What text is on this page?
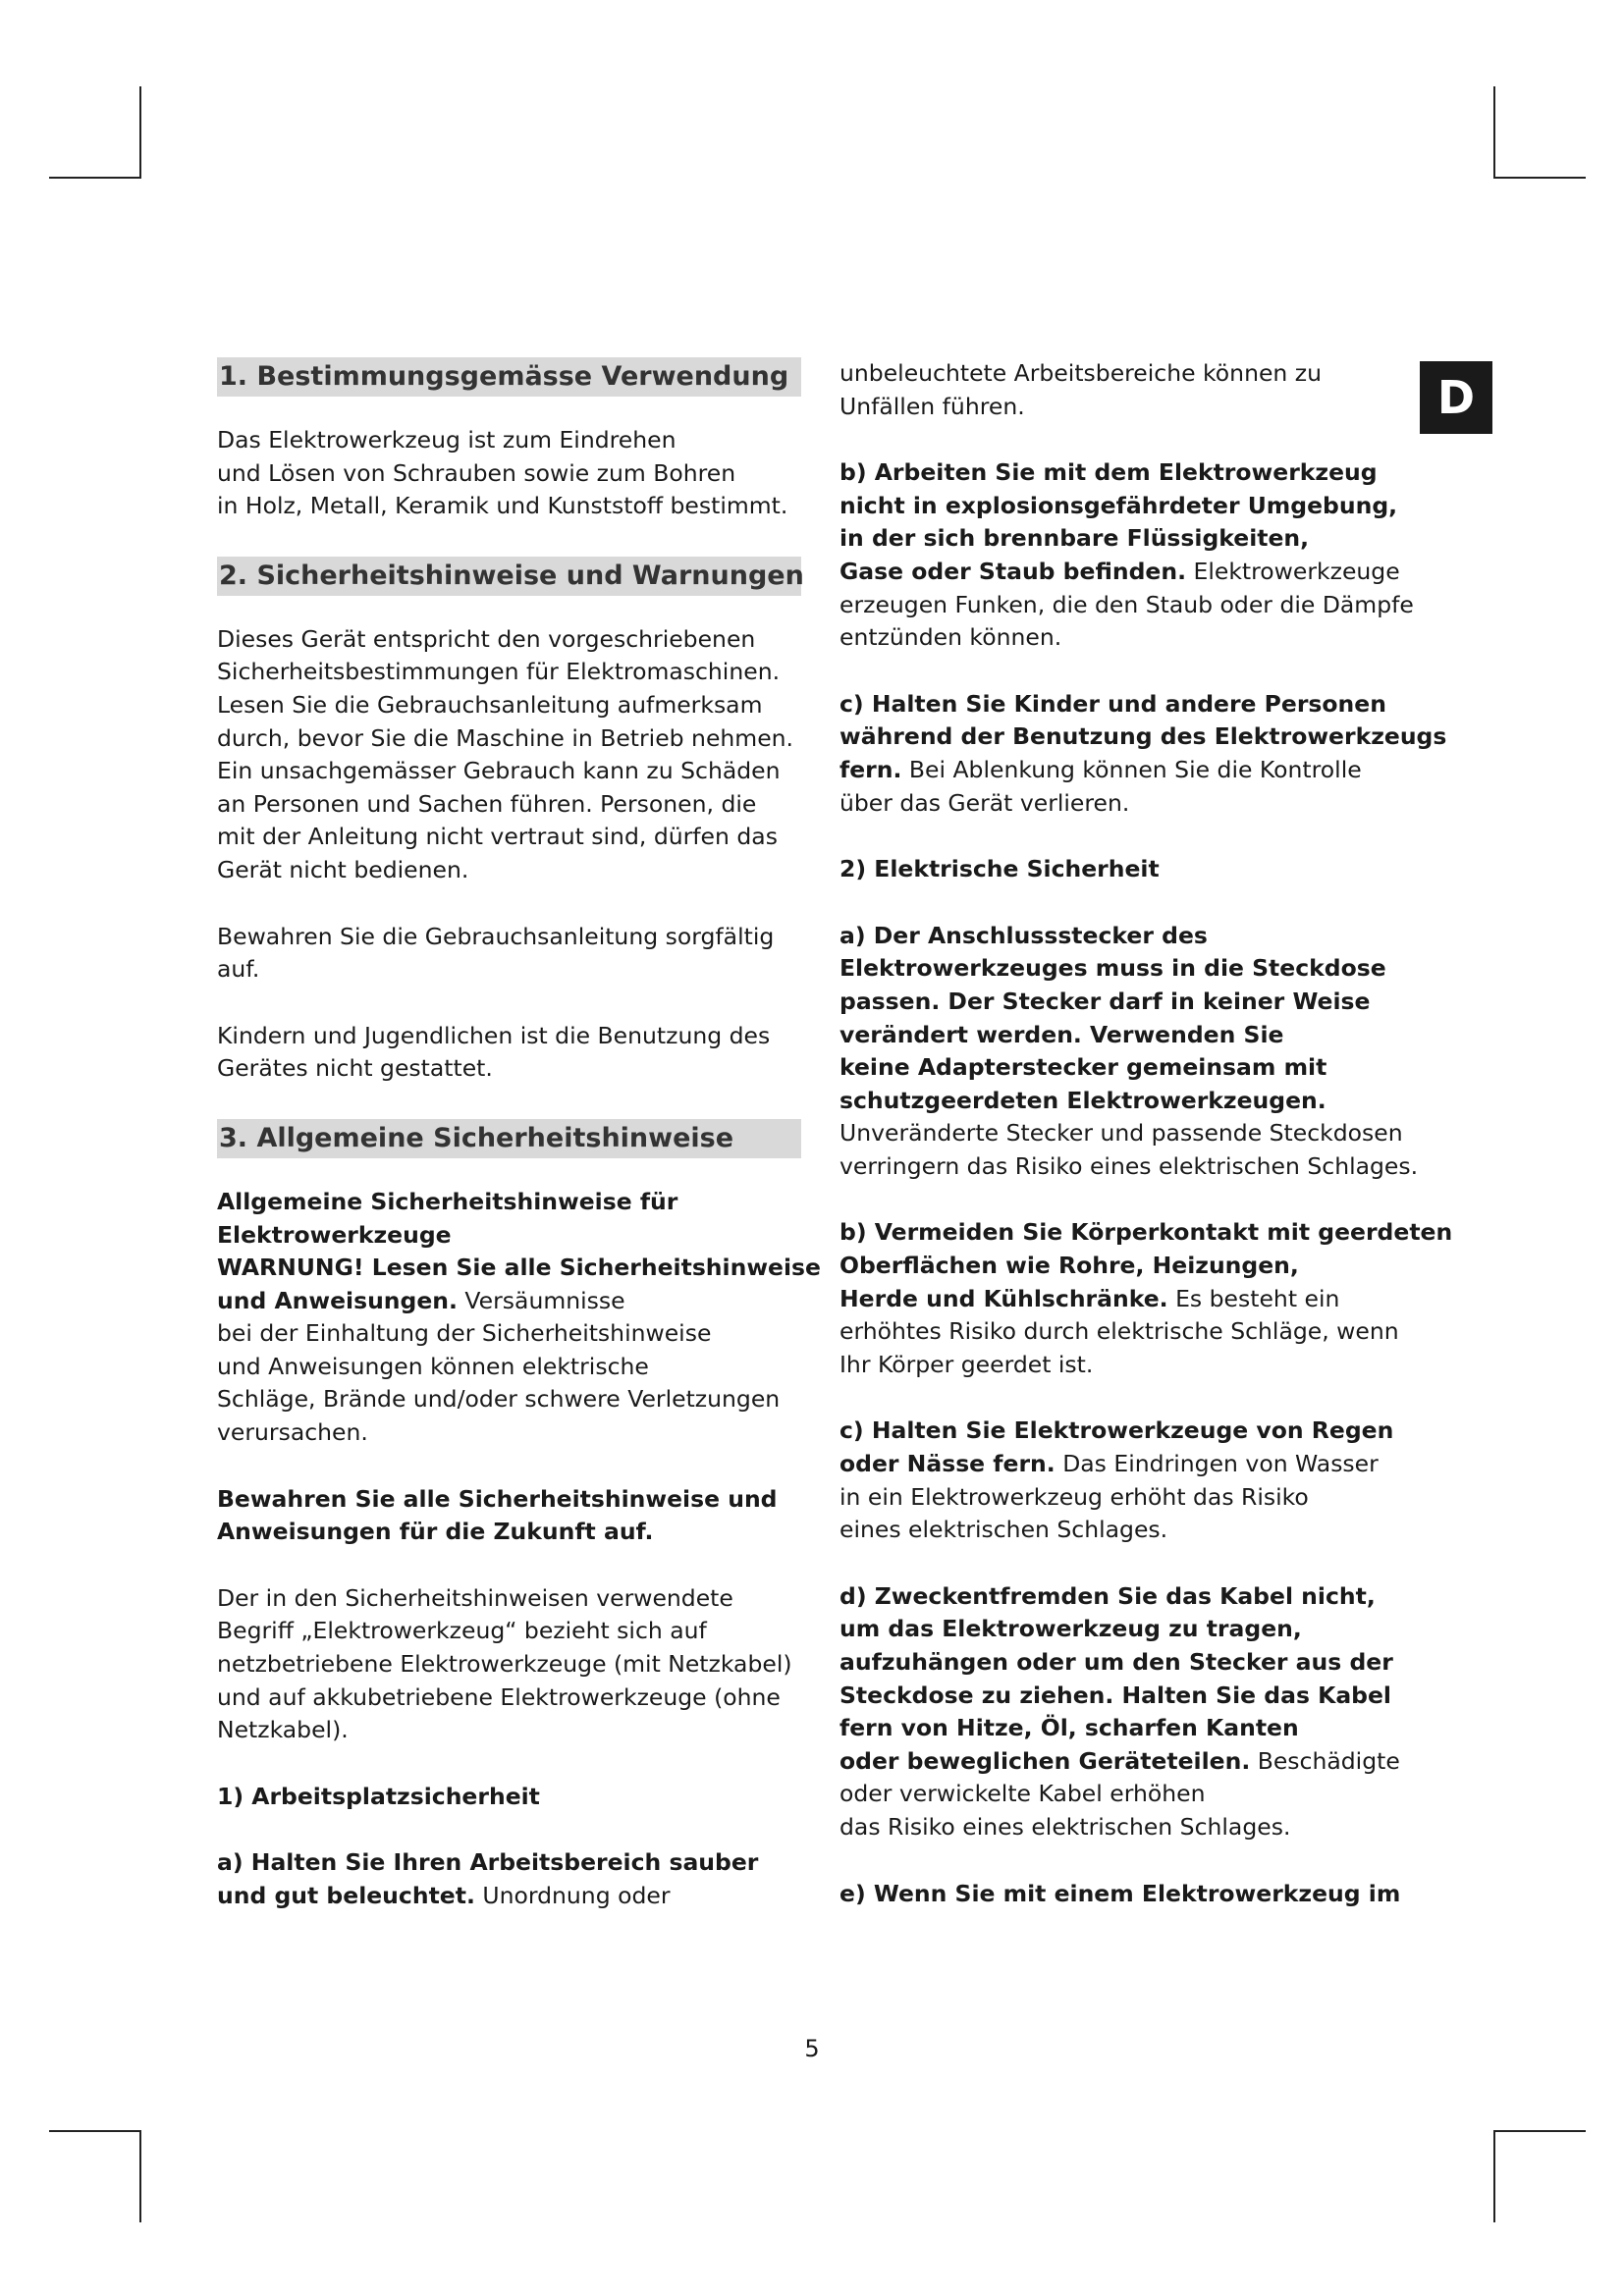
D
1. Bestimmungsgemässe Verwendung
Das Elektrowerkzeug ist zum Eindrehen
und Lösen von Schrauben sowie zum Bohren
in Holz, Metall, Keramik und Kunststoff bestimmt.
2. Sicherheitshinweise und Warnungen
Dieses Gerät entspricht den vorgeschriebenen
Sicherheitsbestimmungen für Elektromaschinen.
Lesen Sie die Gebrauchsanleitung aufmerksam
durch, bevor Sie die Maschine in Betrieb nehmen.
Ein unsachgemässer Gebrauch kann zu Schäden
an Personen und Sachen führen. Personen, die
mit der Anleitung nicht vertraut sind, dürfen das
Gerät nicht bedienen.
Bewahren Sie die Gebrauchsanleitung sorgfältig
auf.
Kindern und Jugendlichen ist die Benutzung des
Gerätes nicht gestattet.
3. Allgemeine Sicherheitshinweise
Allgemeine Sicherheitshinweise für
Elektrowerkzeuge
WARNUNG! Lesen Sie alle Sicherheitshinweise
und Anweisungen. Versäumnisse
bei der Einhaltung der Sicherheitshinweise
und Anweisungen können elektrische
Schläge, Brände und/oder schwere Verletzungen
verursachen.
Bewahren Sie alle Sicherheitshinweise und
Anweisungen für die Zukunft auf.
Der in den Sicherheitshinweisen verwendete
Begriff „Elektrowerkzeug“ bezieht sich auf
netzbetriebene Elektrowerkzeuge (mit Netzkabel)
und auf akkubetriebene Elektrowerkzeuge (ohne
Netzkabel).
1) Arbeitsplatzsicherheit
a) Halten Sie Ihren Arbeitsbereich sauber
und gut beleuchtet. Unordnung oder
unbeleuchtete Arbeitsbereiche können zu
Unfällen führen.
b) Arbeiten Sie mit dem Elektrowerkzeug
nicht in explosionsgefährdeter Umgebung,
in der sich brennbare Flüssigkeiten,
Gase oder Staub befinden. Elektrowerkzeuge
erzeugen Funken, die den Staub oder die Dämpfe
entzünden können.
c) Halten Sie Kinder und andere Personen
während der Benutzung des Elektrowerkzeugs
fern. Bei Ablenkung können Sie die Kontrolle
über das Gerät verlieren.
2) Elektrische Sicherheit
a) Der Anschlussstecker des
Elektrowerkzeuges muss in die Steckdose
passen. Der Stecker darf in keiner Weise
verändert werden. Verwenden Sie
keine Adapterstecker gemeinsam mit
schutzgeerdeten Elektrowerkzeugen.
Unveränderte Stecker und passende Steckdosen
verringern das Risiko eines elektrischen Schlages.
b) Vermeiden Sie Körperkontakt mit geerdeten
Oberflächen wie Rohre, Heizungen,
Herde und Kühlschränke. Es besteht ein
erhöhtes Risiko durch elektrische Schläge, wenn
Ihr Körper geerdet ist.
c) Halten Sie Elektrowerkzeuge von Regen
oder Nässe fern. Das Eindringen von Wasser
in ein Elektrowerkzeug erhöht das Risiko
eines elektrischen Schlages.
d) Zweckentfremden Sie das Kabel nicht,
um das Elektrowerkzeug zu tragen,
aufzuhängen oder um den Stecker aus der
Steckdose zu ziehen. Halten Sie das Kabel
fern von Hitze, Öl, scharfen Kanten
oder beweglichen Geräteteilen. Beschädigte
oder verwickelte Kabel erhöhen
das Risiko eines elektrischen Schlages.
e) Wenn Sie mit einem Elektrowerkzeug im
5
